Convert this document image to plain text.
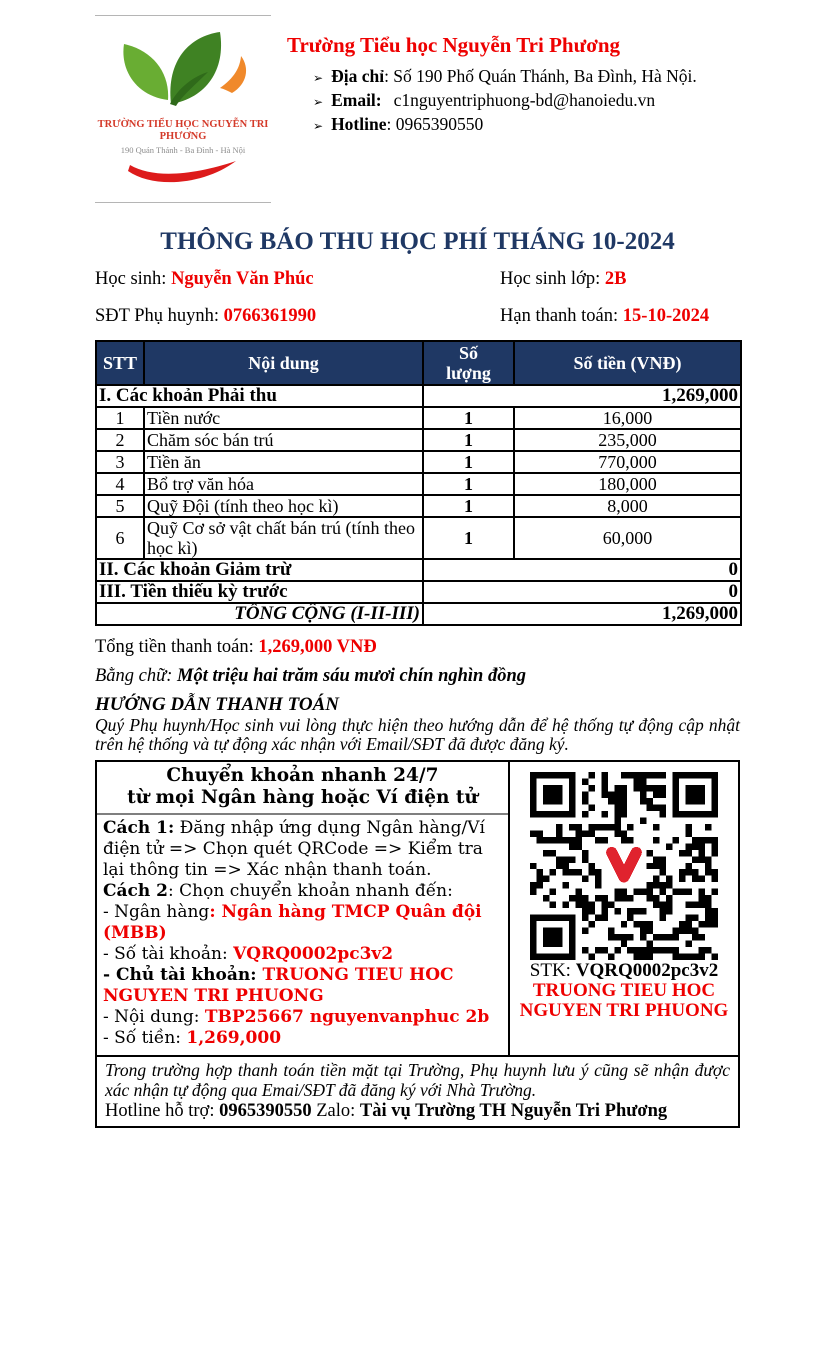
TRƯỜNG TIỂU HỌC NGUYỄN TRI PHƯƠNG
190 Quán Thánh - Ba Đình - Hà Nội
Trường Tiểu học Nguyễn Tri Phương
➢ Địa chỉ: Số 190 Phố Quán Thánh, Ba Đình, Hà Nội.
➢ Email: c1nguyentriphuong-bd@hanoiedu.vn
➢ Hotline: 0965390550
THÔNG BÁO THU HỌC PHÍ THÁNG 10-2024
Học sinh: Nguyễn Văn Phúc	Học sinh lớp: 2B
SĐT Phụ huynh: 0766361990	Hạn thanh toán: 15-10-2024
STT	Nội dung	Số lượng	Số tiền (VNĐ)
I. Các khoản Phải thu		1,269,000	
1	Tiền nước	1	16,000
2	Chăm sóc bán trú	1	235,000
3	Tiền ăn	1	770,000
4	Bổ trợ văn hóa	1	180,000
5	Quỹ Đội (tính theo học kì)	1	8,000
6	Quỹ Cơ sở vật chất bán trú (tính theo học kì)	1	60,000
II. Các khoản Giảm trừ		0	
III. Tiền thiếu kỳ trước		0	
TỔNG CỘNG (I-II-III)		1,269,000	
Tổng tiền thanh toán: 1,269,000 VNĐ
Bằng chữ: Một triệu hai trăm sáu mươi chín nghìn đồng
HƯỚNG DẪN THANH TOÁN
Quý Phụ huynh/Học sinh vui lòng thực hiện theo hướng dẫn để hệ thống tự động cập nhật trên hệ thống và tự động xác nhận với Email/SĐT đã được đăng ký.
Chuyển khoản nhanh 24/7
từ mọi Ngân hàng hoặc Ví điện tử

Cách 1: Đăng nhập ứng dụng Ngân hàng/Ví điện tử => Chọn quét QRCode => Kiểm tra lại thông tin => Xác nhận thanh toán.

Cách 2: Chọn chuyển khoản nhanh đến:

- Ngân hàng: Ngân hàng TMCP Quân đội (MBB)

- Số tài khoản: VQRQ0002pc3v2

- Chủ tài khoản: TRUONG TIEU HOC NGUYEN TRI PHUONG

- Nội dung: TBP25667 nguyenvanphuc 2b

- Số tiền: 1,269,000

STK: VQRQ0002pc3v2
TRUONG TIEU HOC
NGUYEN TRI PHUONG

Trong trường hợp thanh toán tiền mặt tại Trường, Phụ huynh lưu ý cũng sẽ nhận được xác nhận tự động qua Emai/SĐT đã đăng ký với Nhà Trường.

Hotline hỗ trợ: 0965390550 Zalo: Tài vụ Trường TH Nguyễn Tri Phương
